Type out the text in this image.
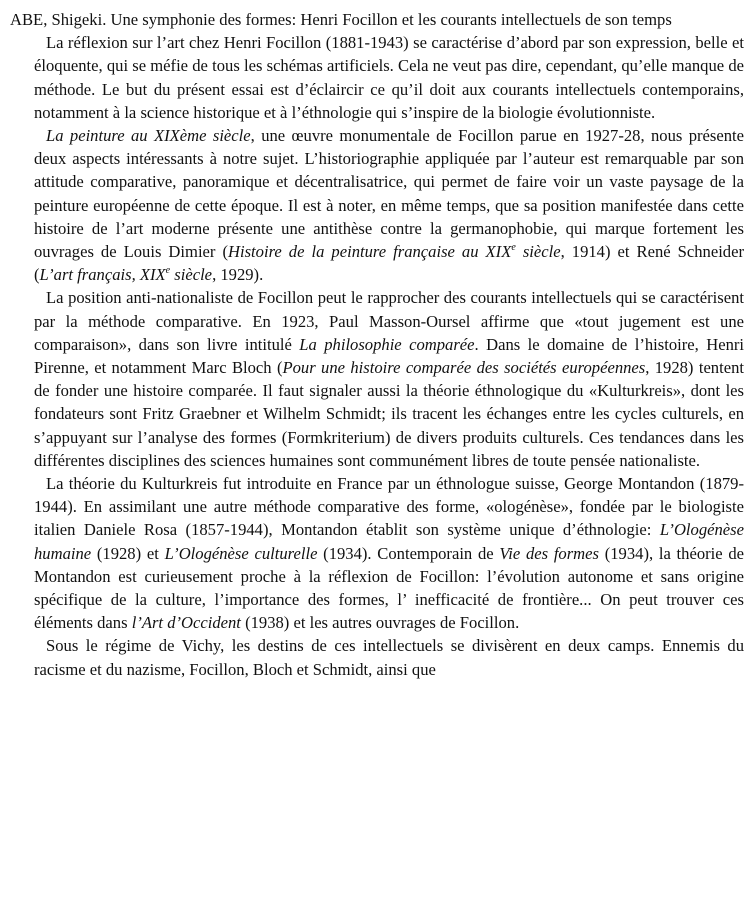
ABE, Shigeki. Une symphonie des formes: Henri Focillon et les courants intellectuels de son temps

La réflexion sur l’art chez Henri Focillon (1881-1943) se caractérise d’abord par son expression, belle et éloquente, qui se méfie de tous les schémas artificiels. Cela ne veut pas dire, cependant, qu’elle manque de méthode. Le but du présent essai est d’éclaircir ce qu’il doit aux courants intellectuels contemporains, notamment à la science historique et à l’éthnologie qui s’inspire de la biologie évolutionniste.

La peinture au XIXème siècle, une œuvre monumentale de Focillon parue en 1927-28, nous présente deux aspects intéressants à notre sujet. L’historiographie appliquée par l’auteur est remarquable par son attitude comparative, panoramique et décentralisatrice, qui permet de faire voir un vaste paysage de la peinture européenne de cette époque. Il est à noter, en même temps, que sa position manifestée dans cette histoire de l’art moderne présente une antithèse contre la germanophobie, qui marque fortement les ouvrages de Louis Dimier (Histoire de la peinture française au XIXe siècle, 1914) et René Schneider (L’art français, XIXe siècle, 1929).

La position anti-nationaliste de Focillon peut le rapprocher des courants intellectuels qui se caractérisent par la méthode comparative. En 1923, Paul Masson-Oursel affirme que «tout jugement est une comparaison», dans son livre intitulé La philosophie comparée. Dans le domaine de l’histoire, Henri Pirenne, et notamment Marc Bloch (Pour une histoire comparée des sociétés européennes, 1928) tentent de fonder une histoire comparée. Il faut signaler aussi la théorie éthnologique du «Kulturkreis», dont les fondateurs sont Fritz Graebner et Wilhelm Schmidt; ils tracent les échanges entre les cycles culturels, en s’appuyant sur l’analyse des formes (Formkriterium) de divers produits culturels. Ces tendances dans les différentes disciplines des sciences humaines sont communément libres de toute pensée nationaliste.

La théorie du Kulturkreis fut introduite en France par un éthnologue suisse, George Montandon (1879-1944). En assimilant une autre méthode comparative des forme, «ologénèse», fondée par le biologiste italien Daniele Rosa (1857-1944), Montandon établit son système unique d’éthnologie: L’Ologénèse humaine (1928) et L’Ologénèse culturelle (1934). Contemporain de Vie des formes (1934), la théorie de Montandon est curieusement proche à la réflexion de Focillon: l’évolution autonome et sans origine spécifique de la culture, l’importance des formes, l’ inefficacité de frontière... On peut trouver ces éléments dans l’Art d’Occident (1938) et les autres ouvrages de Focillon.

Sous le régime de Vichy, les destins de ces intellectuels se divisèrent en deux camps. Ennemis du racisme et du nazisme, Focillon, Bloch et Schmidt, ainsi que
